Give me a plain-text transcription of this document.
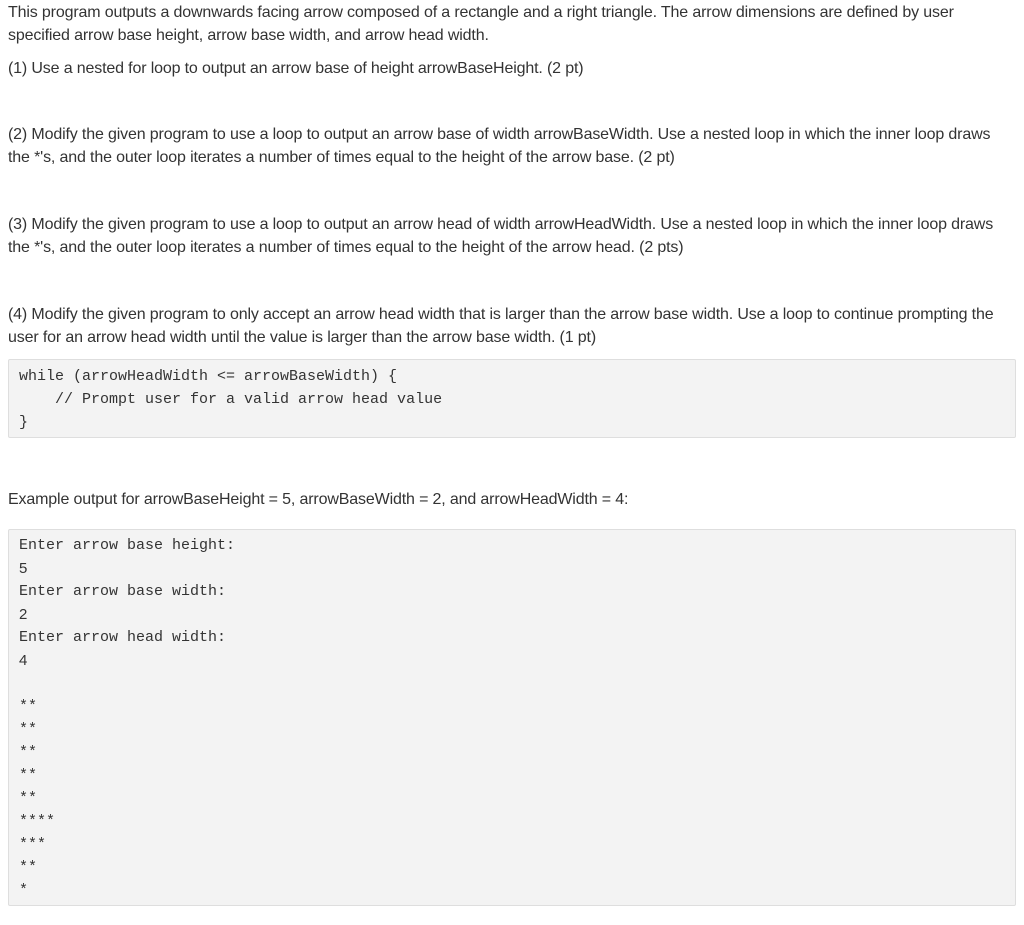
This program outputs a downwards facing arrow composed of a rectangle and a right triangle. The arrow dimensions are defined by user specified arrow base height, arrow base width, and arrow head width.

(1) Use a nested for loop to output an arrow base of height arrowBaseHeight. (2 pt)

(2) Modify the given program to use a loop to output an arrow base of width arrowBaseWidth. Use a nested loop in which the inner loop draws the *'s, and the outer loop iterates a number of times equal to the height of the arrow base. (2 pt)

(3) Modify the given program to use a loop to output an arrow head of width arrowHeadWidth. Use a nested loop in which the inner loop draws the *'s, and the outer loop iterates a number of times equal to the height of the arrow head. (2 pts)

(4) Modify the given program to only accept an arrow head width that is larger than the arrow base width. Use a loop to continue prompting the user for an arrow head width until the value is larger than the arrow base width. (1 pt)

while (arrowHeadWidth <= arrowBaseWidth) {
// Prompt user for a valid arrow head value
}

Example output for arrowBaseHeight = 5, arrowBaseWidth = 2, and arrowHeadWidth = 4:

Enter arrow base height:
5
Enter arrow base width:
2
Enter arrow head width:
4
**
**
**
**
**
****
***
**
*
